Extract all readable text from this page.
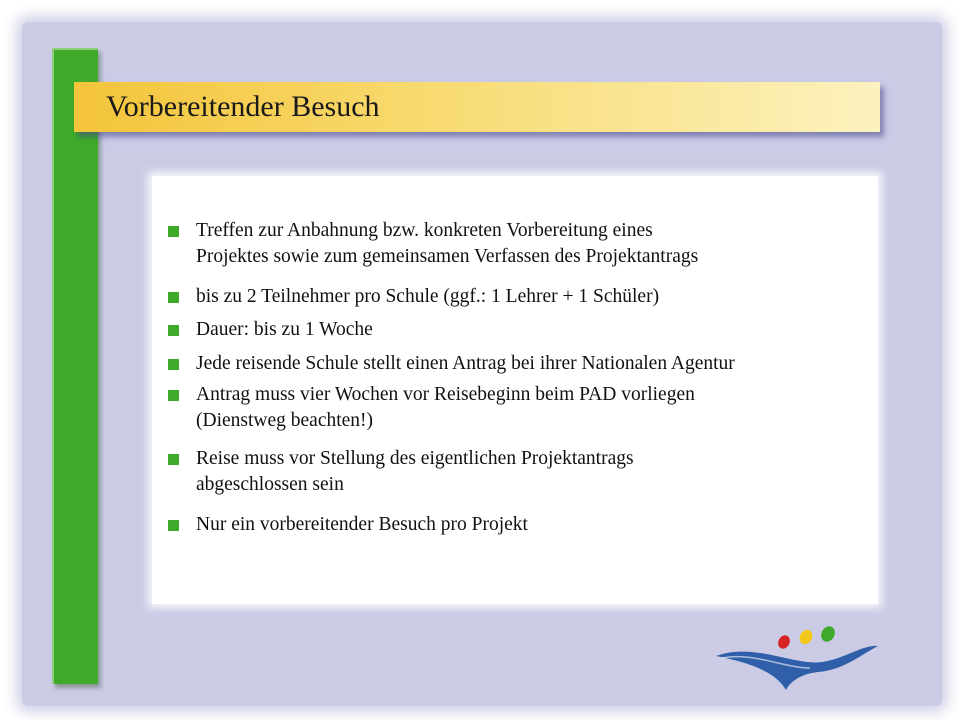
Vorbereitender Besuch
Treffen zur Anbahnung bzw. konkreten Vorbereitung eines
Projektes sowie zum gemeinsamen Verfassen des Projektantrags
bis zu 2 Teilnehmer pro Schule (ggf.: 1 Lehrer + 1 Schüler)
Dauer: bis zu 1 Woche
Jede reisende Schule stellt einen Antrag bei ihrer Nationalen Agentur
Antrag muss vier Wochen vor Reisebeginn beim PAD vorliegen
(Dienstweg beachten!)
Reise muss vor Stellung des eigentlichen Projektantrags
abgeschlossen sein
Nur ein vorbereitender Besuch pro Projekt
